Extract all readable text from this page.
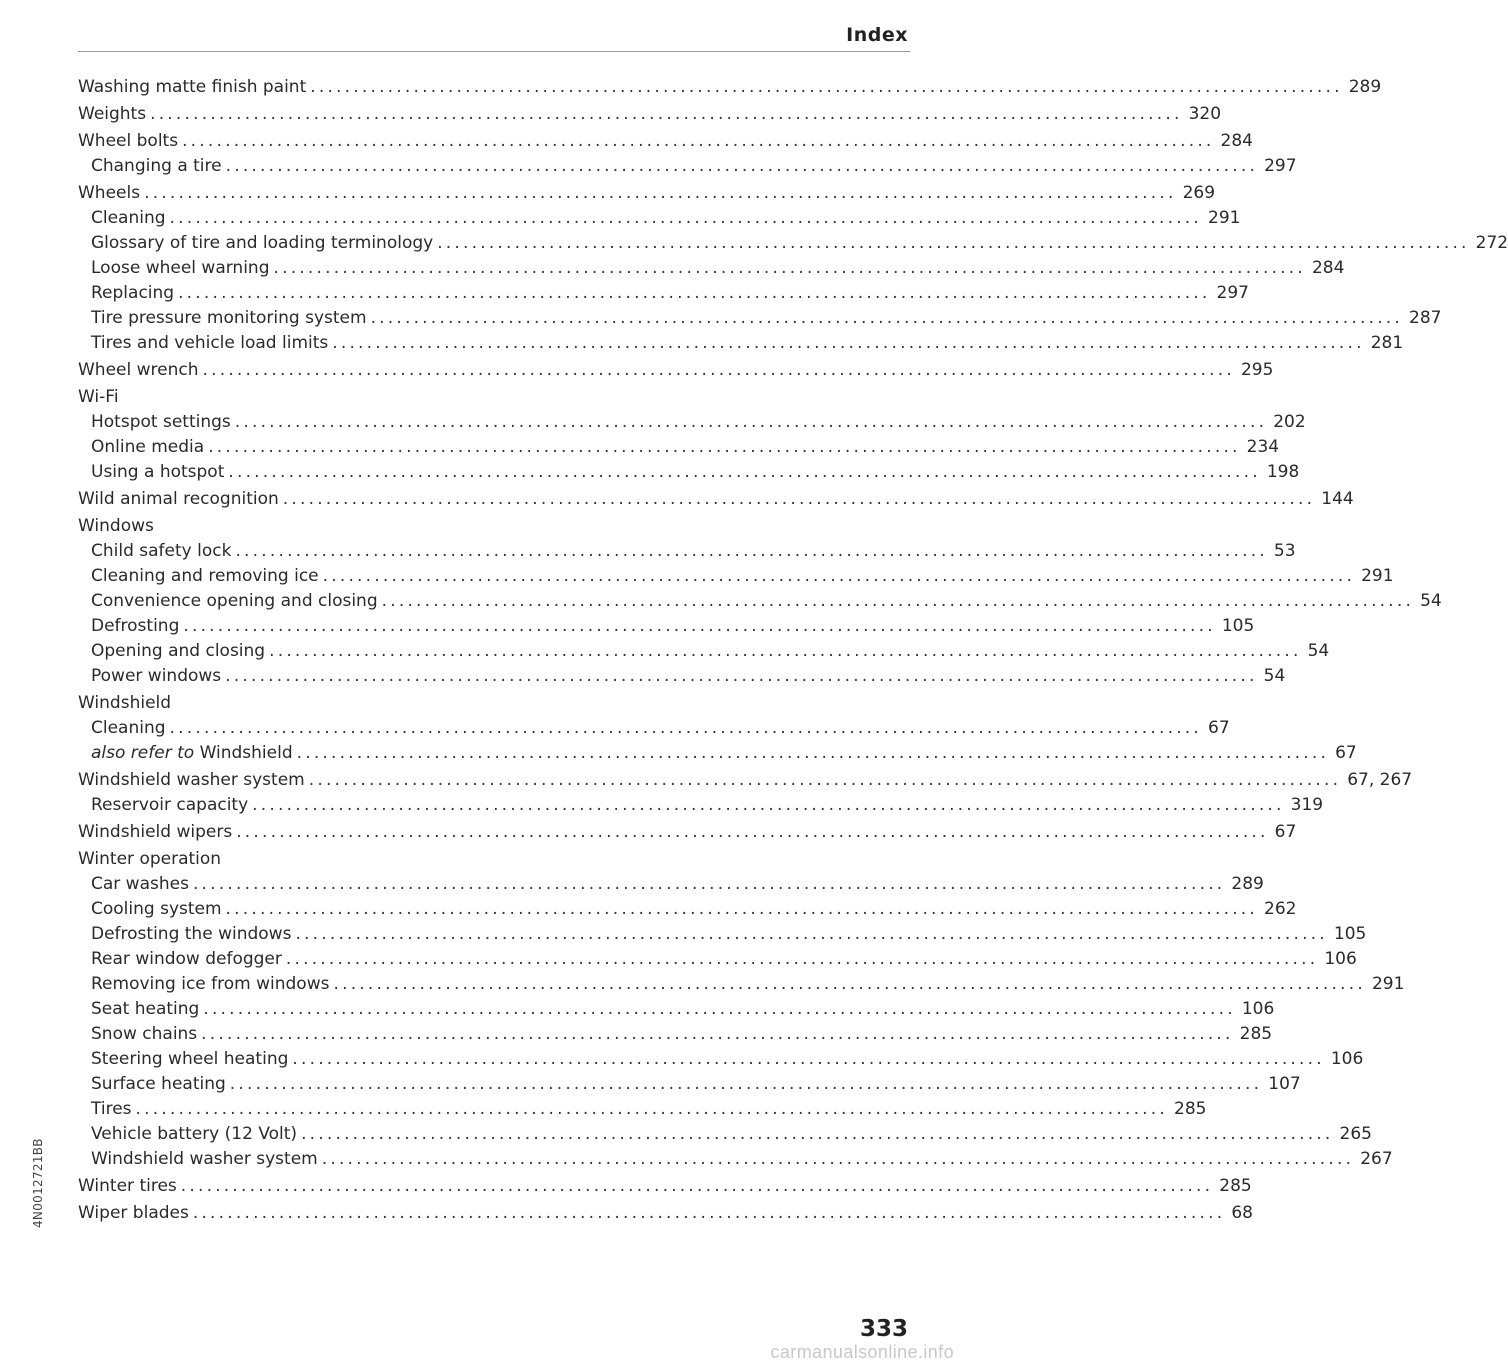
Index
Washing matte finish paint ........................................................................................................................ 289
Weights ........................................................................................................................ 320
Wheel bolts ........................................................................................................................ 284
Changing a tire ........................................................................................................................ 297
Wheels ........................................................................................................................ 269
Cleaning ........................................................................................................................ 291
Glossary of tire and loading terminology ........................................................................................................................ 272
Loose wheel warning ........................................................................................................................ 284
Replacing ........................................................................................................................ 297
Tire pressure monitoring system ........................................................................................................................ 287
Tires and vehicle load limits ........................................................................................................................ 281
Wheel wrench ........................................................................................................................ 295
Wi-Fi
Hotspot settings ........................................................................................................................ 202
Online media ........................................................................................................................ 234
Using a hotspot ........................................................................................................................ 198
Wild animal recognition ........................................................................................................................ 144
Windows
Child safety lock ........................................................................................................................ 53
Cleaning and removing ice ........................................................................................................................ 291
Convenience opening and closing ........................................................................................................................ 54
Defrosting ........................................................................................................................ 105
Opening and closing ........................................................................................................................ 54
Power windows ........................................................................................................................ 54
Windshield
Cleaning ........................................................................................................................ 67
also refer to Windshield ........................................................................................................................ 67
Windshield washer system ........................................................................................................................ 67, 267
Reservoir capacity ........................................................................................................................ 319
Windshield wipers ........................................................................................................................ 67
Winter operation
Car washes ........................................................................................................................ 289
Cooling system ........................................................................................................................ 262
Defrosting the windows ........................................................................................................................ 105
Rear window defogger ........................................................................................................................ 106
Removing ice from windows ........................................................................................................................ 291
Seat heating ........................................................................................................................ 106
Snow chains ........................................................................................................................ 285
Steering wheel heating ........................................................................................................................ 106
Surface heating ........................................................................................................................ 107
Tires ........................................................................................................................ 285
Vehicle battery (12 Volt) ........................................................................................................................ 265
Windshield washer system ........................................................................................................................ 267
Winter tires ........................................................................................................................ 285
Wiper blades ........................................................................................................................ 68
4N0012721BB
333
carmanualsonline.info
